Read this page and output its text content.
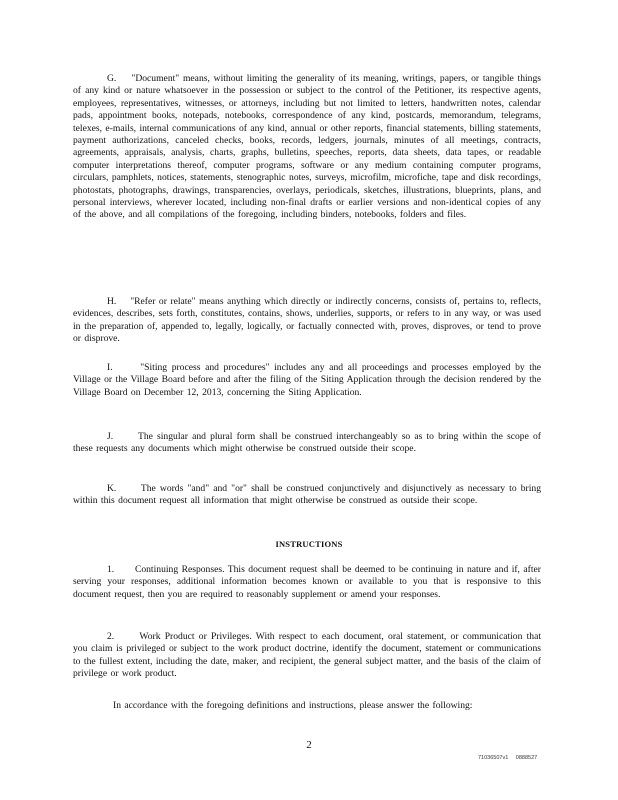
G.    "Document" means, without limiting the generality of its meaning, writings, papers, or tangible things of any kind or nature whatsoever in the possession or subject to the control of the Petitioner, its respective agents, employees, representatives, witnesses, or attorneys, including but not limited to letters, handwritten notes, calendar pads, appointment books, notepads, notebooks, correspondence of any kind, postcards, memorandum, telegrams, telexes, e-mails, internal communications of any kind, annual or other reports, financial statements, billing statements, payment authorizations, canceled checks, books, records, ledgers, journals, minutes of all meetings, contracts, agreements, appraisals, analysis, charts, graphs, bulletins, speeches, reports, data sheets, data tapes, or readable computer interpretations thereof, computer programs, software or any medium containing computer programs, circulars, pamphlets, notices, statements, stenographic notes, surveys, microfilm, microfiche, tape and disk recordings, photostats, photographs, drawings, transparencies, overlays, periodicals, sketches, illustrations, blueprints, plans, and personal interviews, wherever located, including non-final drafts or earlier versions and non-identical copies of any of the above, and all compilations of the foregoing, including binders, notebooks, folders and files.

H.    "Refer or relate" means anything which directly or indirectly concerns, consists of, pertains to, reflects, evidences, describes, sets forth, constitutes, contains, shows, underlies, supports, or refers to in any way, or was used in the preparation of, appended to, legally, logically, or factually connected with, proves, disproves, or tend to prove or disprove.

I.      "Siting process and procedures" includes any and all proceedings and processes employed by the Village or the Village Board before and after the filing of the Siting Application through the decision rendered by the Village Board on December 12, 2013, concerning the Siting Application.

J.      The singular and plural form shall be construed interchangeably so as to bring within the scope of these requests any documents which might otherwise be construed outside their scope.

K.      The words "and" and "or" shall be construed conjunctively and disjunctively as necessary to bring within this document request all information that might otherwise be construed as outside their scope.

INSTRUCTIONS

1.      Continuing Responses. This document request shall be deemed to be continuing in nature and if, after serving your responses, additional information becomes known or available to you that is responsive to this document request, then you are required to reasonably supplement or amend your responses.

2.      Work Product or Privileges. With respect to each document, oral statement, or communication that you claim is privileged or subject to the work product doctrine, identify the document, statement or communications to the fullest extent, including the date, maker, and recipient, the general subject matter, and the basis of the claim of privilege or work product.

In accordance with the foregoing definitions and instructions, please answer the following:

2
71036507v1 0888527
